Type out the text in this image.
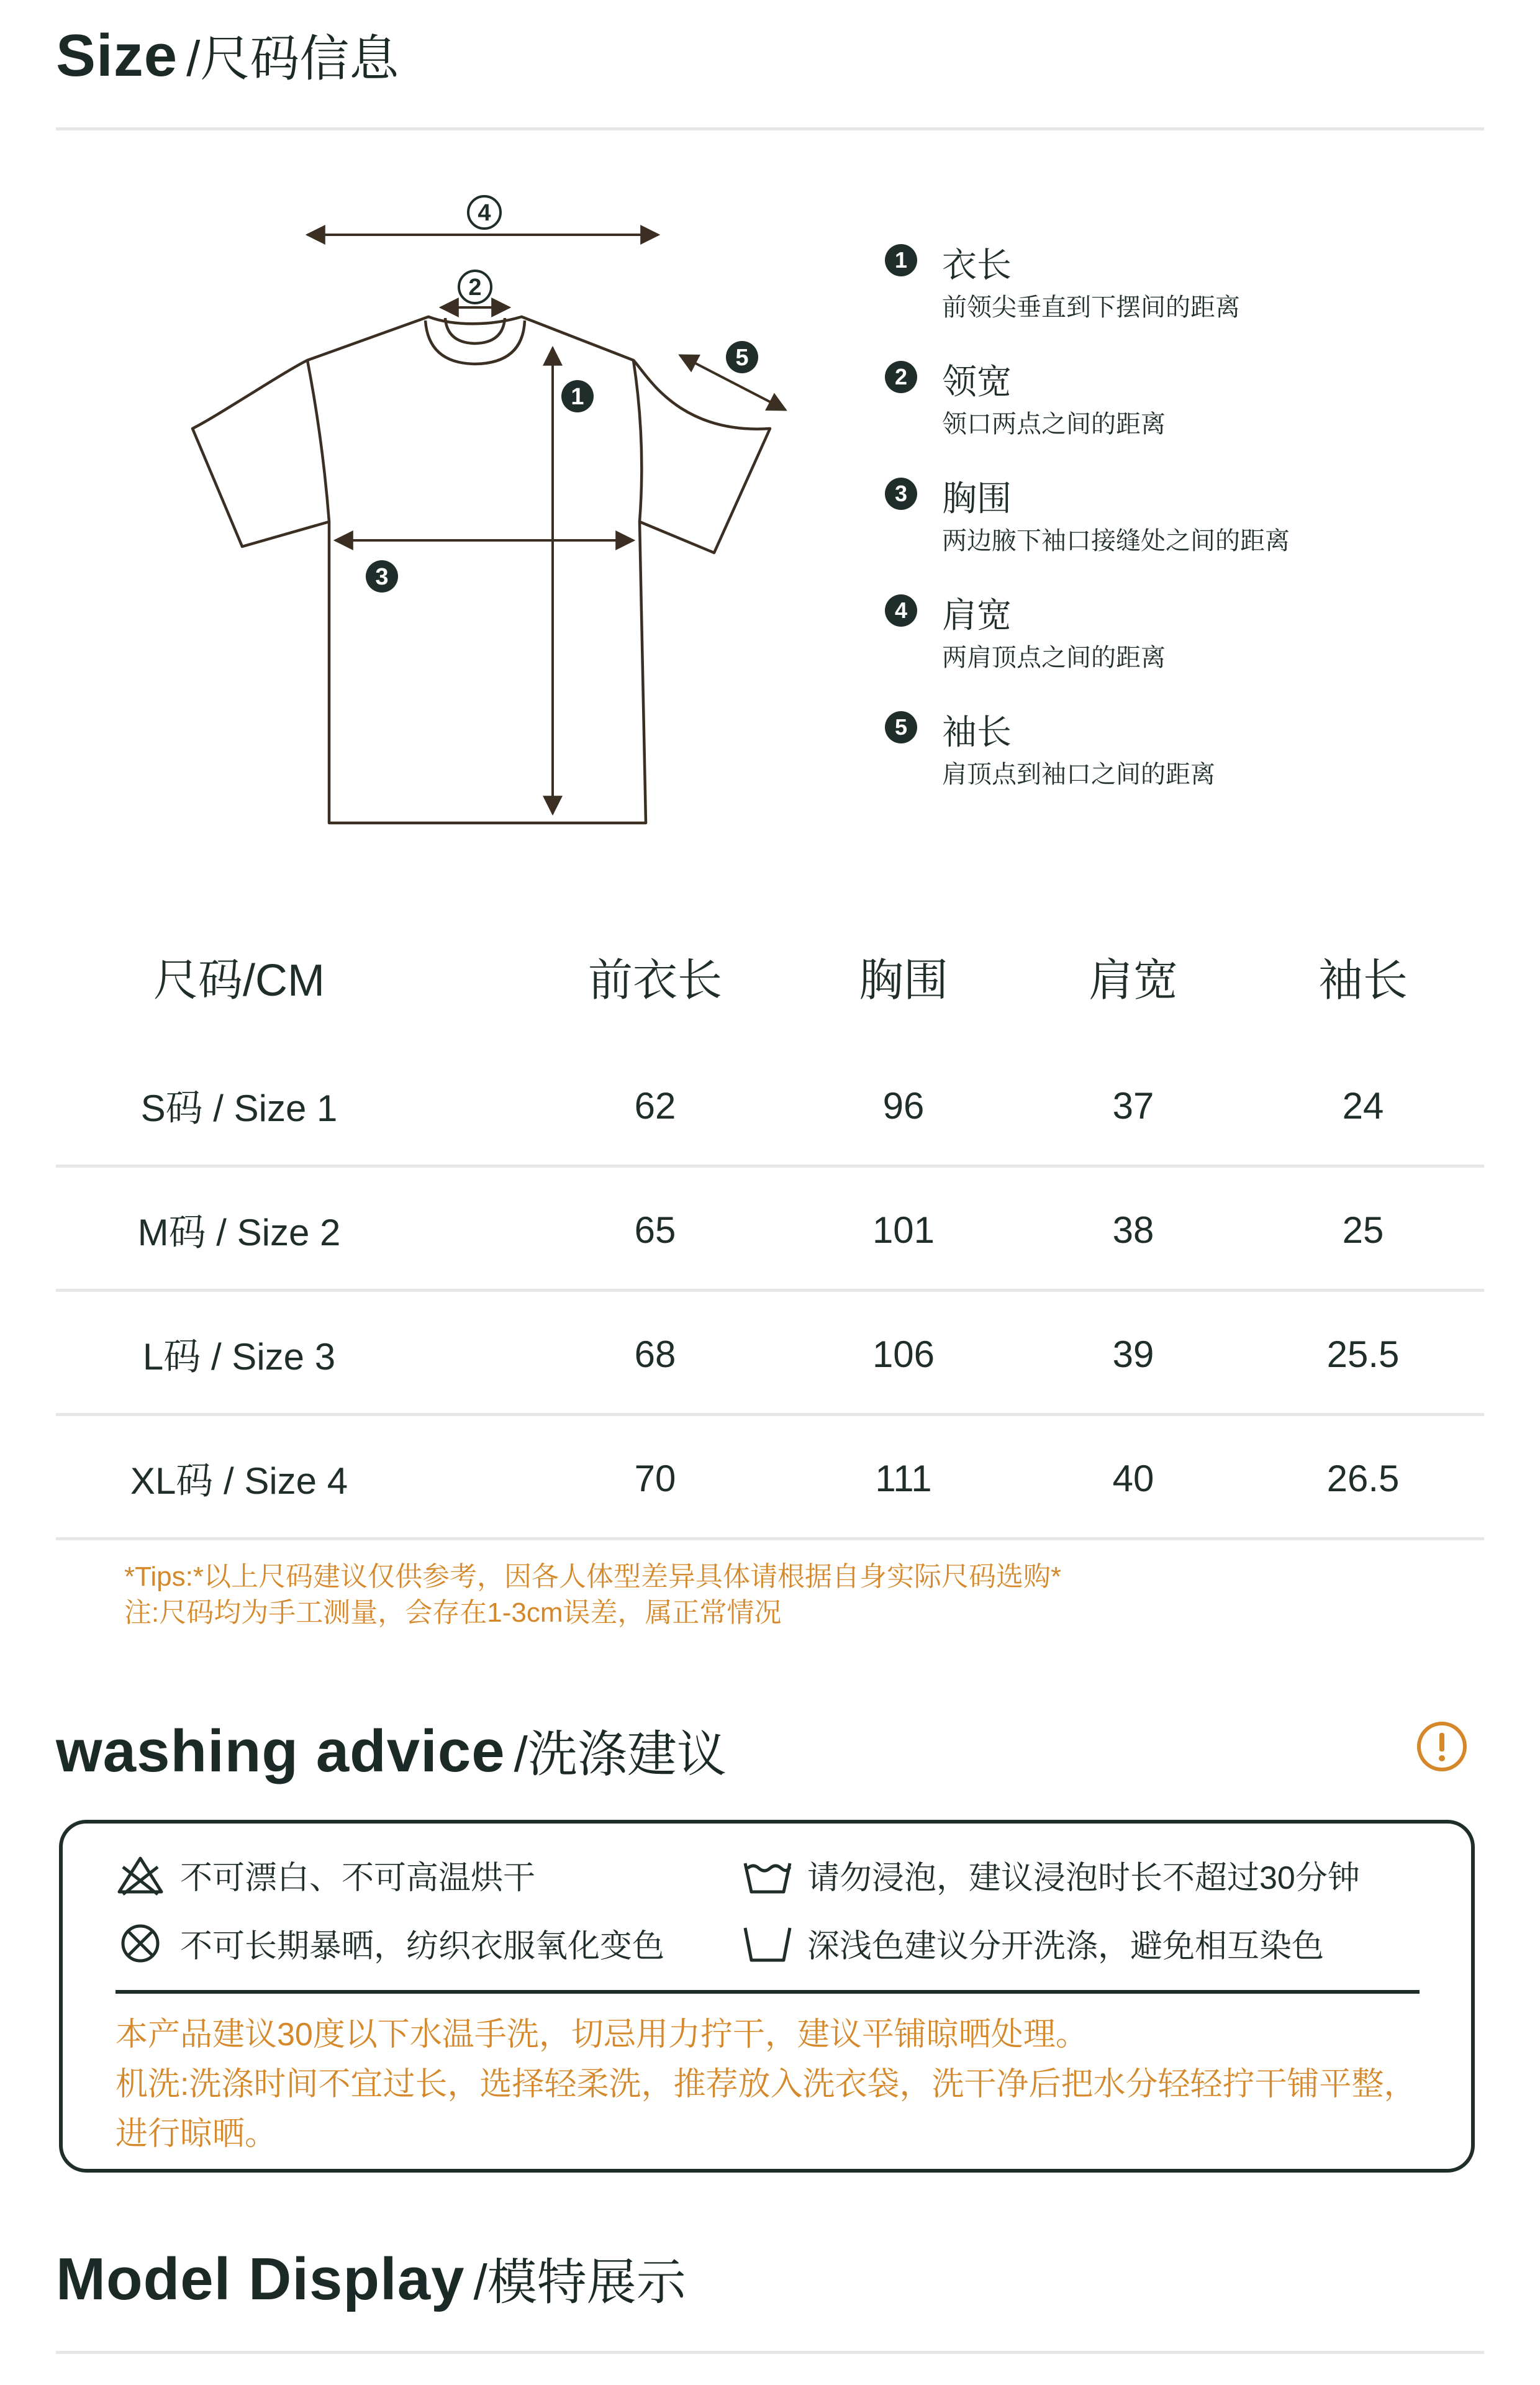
Size /尺码信息
1
2
3
4
5
1 衣长
前领尖垂直到下摆间的距离
2 领宽
领口两点之间的距离
3 胸围
两边腋下袖口接缝处之间的距离
4 肩宽
两肩顶点之间的距离
5 袖长
肩顶点到袖口之间的距离
尺码/CM	前衣长	胸围	肩宽	袖长
S码 / Size 1	62	96	37	24
M码 / Size 2	65	101	38	25
L码 / Size 3	68	106	39	25.5
XL码 / Size 4	70	111	40	26.5
*Tips:*以上尺码建议仅供参考，因各人体型差异具体请根据自身实际尺码选购*
注:尺码均为手工测量，会存在1-3cm误差，属正常情况
washing advice /洗涤建议
不可漂白、不可高温烘干	请勿浸泡，建议浸泡时长不超过30分钟
不可长期暴晒，纺织衣服氧化变色	深浅色建议分开洗涤，避免相互染色
本产品建议30度以下水温手洗，切忌用力拧干，建议平铺晾晒处理。
机洗:洗涤时间不宜过长，选择轻柔洗，推荐放入洗衣袋，洗干净后把水分轻轻拧干铺平整，
进行晾晒。
Model Display /模特展示
